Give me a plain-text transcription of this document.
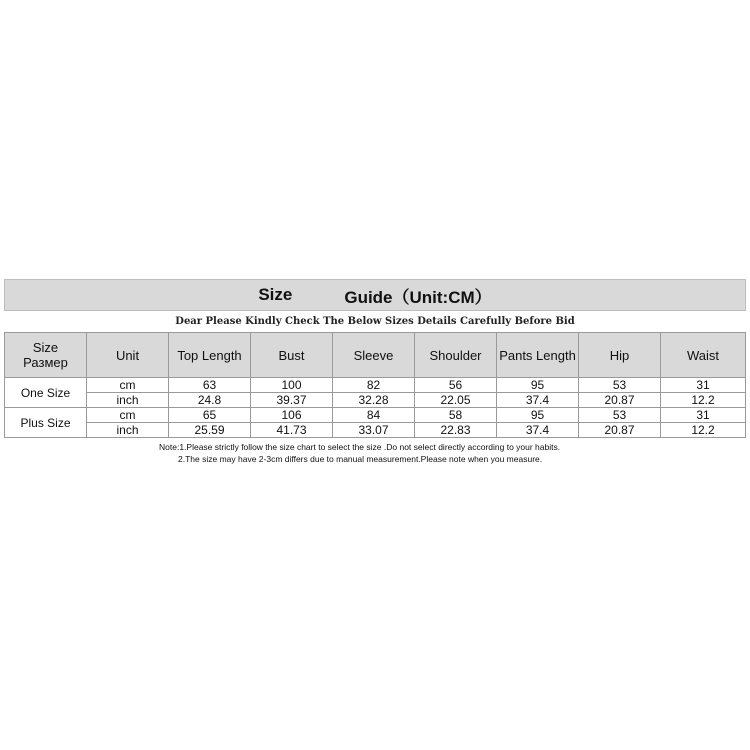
Size	Guide（Unit:CM）
Dear Please Kindly Check The Below Sizes Details Carefully Before Bid
Size
Размер	Unit	Top Length	Bust	Sleeve	Shoulder	Pants Length	Hip	Waist
One Size	cm	63	100	82	56	95	53	31
	inch	24.8	39.37	32.28	22.05	37.4	20.87	12.2
Plus Size	cm	65	106	84	58	95	53	31
	inch	25.59	41.73	33.07	22.83	37.4	20.87	12.2
Note:1.Please strictly follow the size chart to select the size .Do not select directly according to your habits.
2.The size may have 2-3cm differs due to manual measurement.Please note when you measure.
